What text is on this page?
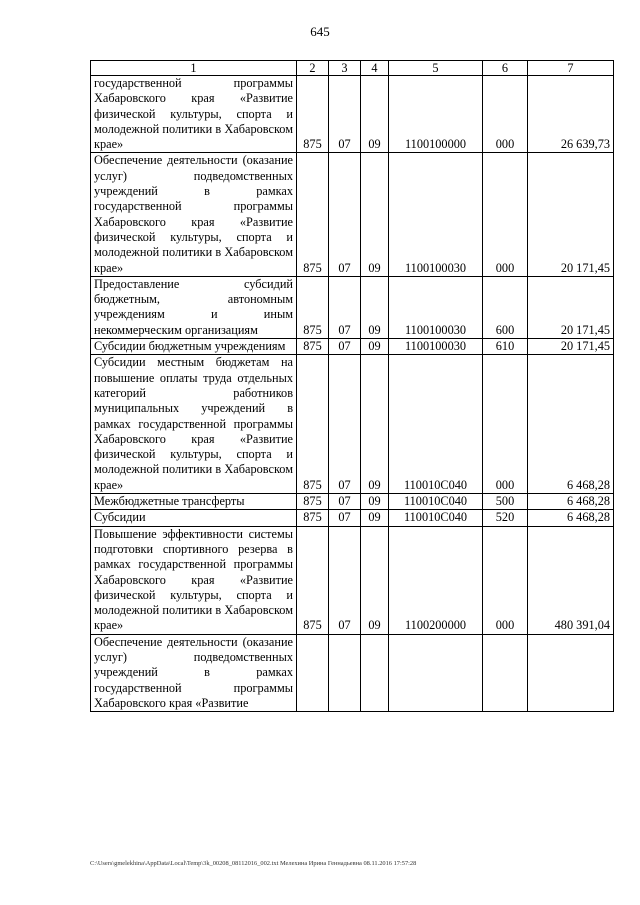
645
1	2	3	4	5	6	7
государственной программы Хабаровского края «Развитие физической культуры, спорта и молодежной политики в Хабаровском крае»	875	07	09	1100100000	000	26 639,73
Обеспечение деятельности (оказание услуг) подведомственных учреждений в рамках государственной программы Хабаровского края «Развитие физической культуры, спорта и молодежной политики в Хабаровском крае»	875	07	09	1100100030	000	20 171,45
Предоставление субсидий бюджетным, автономным учреждениям и иным некоммерческим организациям	875	07	09	1100100030	600	20 171,45
Субсидии бюджетным учреждениям	875	07	09	1100100030	610	20 171,45
Субсидии местным бюджетам на повышение оплаты труда отдельных категорий работников муниципальных учреждений в рамках государственной программы Хабаровского края «Развитие физической культуры, спорта и молодежной политики в Хабаровском крае»	875	07	09	110010С040	000	6 468,28
Межбюджетные трансферты	875	07	09	110010С040	500	6 468,28
Субсидии	875	07	09	110010С040	520	6 468,28
Повышение эффективности системы подготовки спортивного резерва в рамках государственной программы Хабаровского края «Развитие физической культуры, спорта и молодежной политики в Хабаровском крае»	875	07	09	1100200000	000	480 391,04
Обеспечение деятельности (оказание услуг) подведомственных учреждений в рамках государственной программы Хабаровского края «Развитие						
C:\Users\gmelekhina\AppData\Local\Temp\3k_00208_08112016_002.txt Мелехина Ирина Геннадьевна 08.11.2016 17:57:28
